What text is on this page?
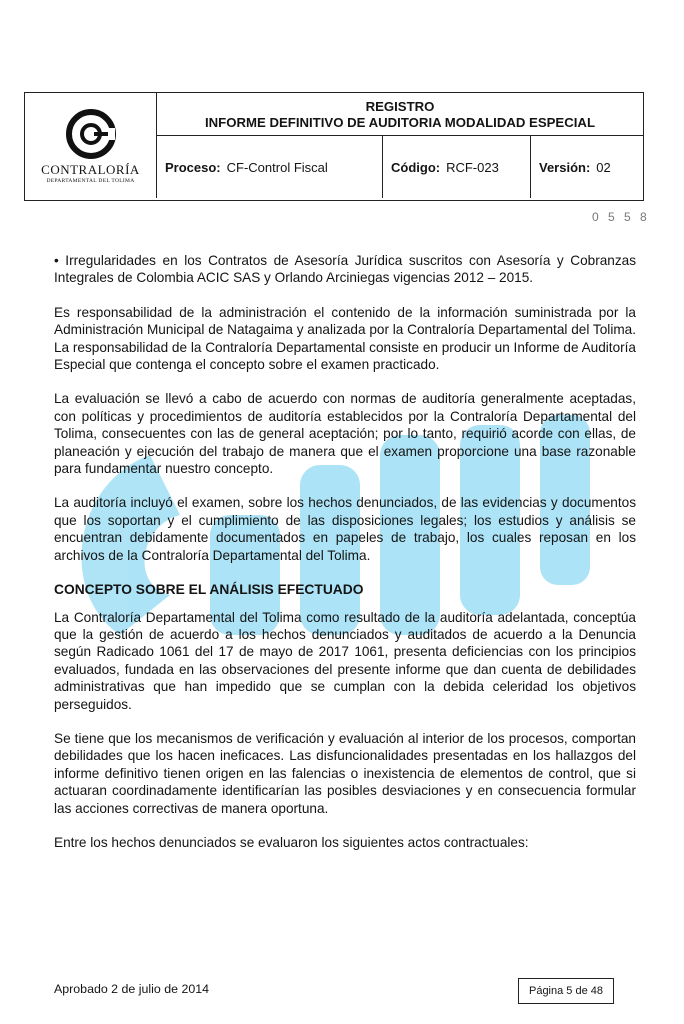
CONTRALORÍA
DEPARTAMENTAL DEL TOLIMA
REGISTRO
INFORME DEFINITIVO DE AUDITORIA MODALIDAD ESPECIAL
Proceso: CF-Control Fiscal	Código: RCF-023	Versión: 02
0 5 5 8

• Irregularidades en los Contratos de Asesoría Jurídica suscritos con Asesoría y Cobranzas Integrales de Colombia ACIC SAS y Orlando Arciniegas vigencias 2012 – 2015.

Es responsabilidad de la administración el contenido de la información suministrada por la Administración Municipal de Natagaima y analizada por la Contraloría Departamental del Tolima. La responsabilidad de la Contraloría Departamental consiste en producir un Informe de Auditoría Especial que contenga el concepto sobre el examen practicado.

La evaluación se llevó a cabo de acuerdo con normas de auditoría generalmente aceptadas, con políticas y procedimientos de auditoría establecidos por la Contraloría Departamental del Tolima, consecuentes con las de general aceptación; por lo tanto, requirió acorde con ellas, de planeación y ejecución del trabajo de manera que el examen proporcione una base razonable para fundamentar nuestro concepto.

La auditoría incluyó el examen, sobre los hechos denunciados, de las evidencias y documentos que los soportan y el cumplimiento de las disposiciones legales; los estudios y análisis se encuentran debidamente documentados en papeles de trabajo, los cuales reposan en los archivos de la Contraloría Departamental del Tolima.

CONCEPTO SOBRE EL ANÁLISIS EFECTUADO

La Contraloría Departamental del Tolima como resultado de la auditoría adelantada, conceptúa que la gestión de acuerdo a los hechos denunciados y auditados de acuerdo a la Denuncia según Radicado 1061 del 17 de mayo de 2017 1061, presenta deficiencias con los principios evaluados, fundada en las observaciones del presente informe que dan cuenta de debilidades administrativas que han impedido que se cumplan con la debida celeridad los objetivos perseguidos.

Se tiene que los mecanismos de verificación y evaluación al interior de los procesos, comportan debilidades que los hacen ineficaces. Las disfuncionalidades presentadas en los hallazgos del informe definitivo tienen origen en las falencias o inexistencia de elementos de control, que si actuaran coordinadamente identificarían las posibles desviaciones y en consecuencia formular las acciones correctivas de manera oportuna.

Entre los hechos denunciados se evaluaron los siguientes actos contractuales:

Aprobado 2 de julio de 2014	Página 5 de 48
